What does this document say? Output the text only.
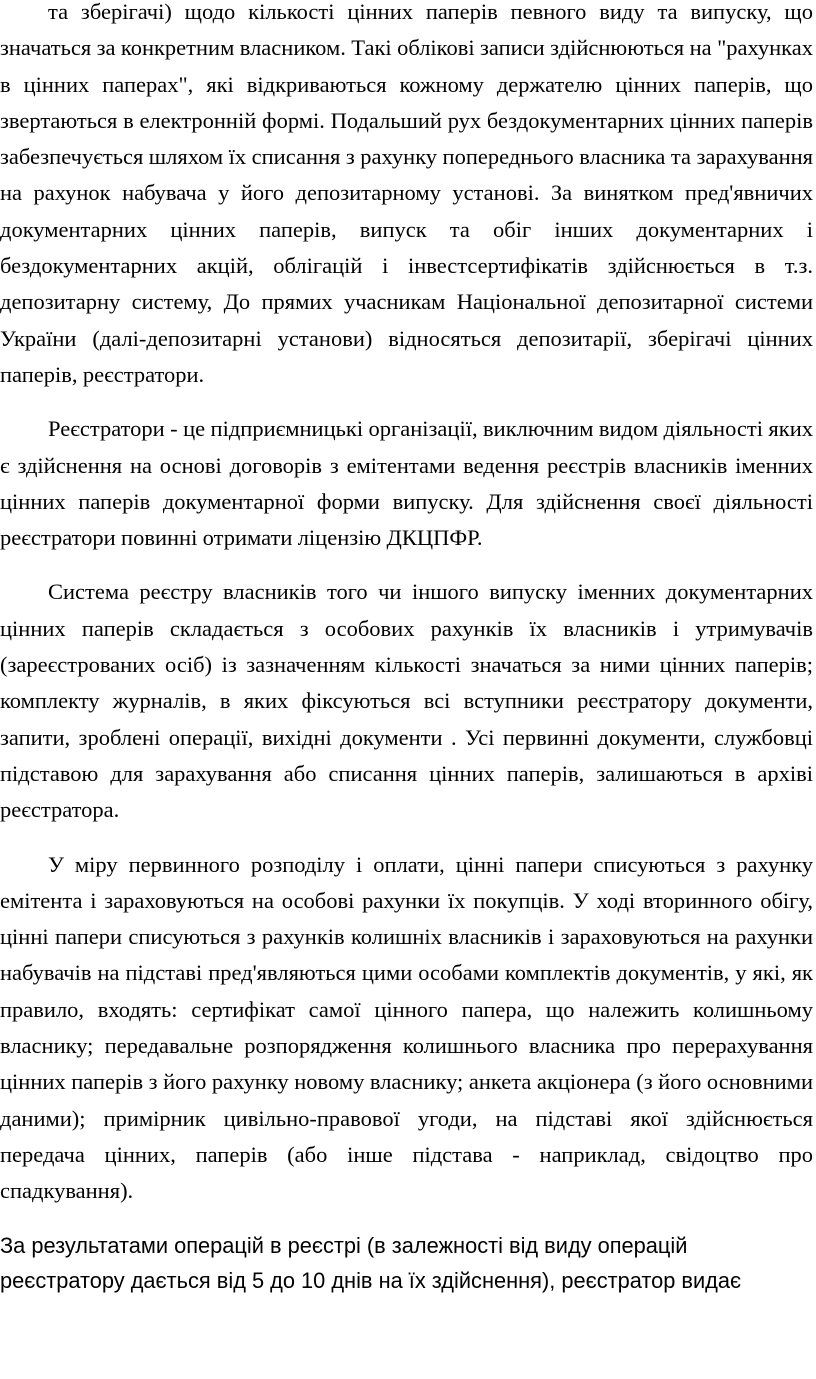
та зберігачі) щодо кількості цінних паперів певного виду та випуску, що значаться за конкретним власником. Такі облікові записи здійснюються на "рахунках в цінних паперах", які відкриваються кожному держателю цінних паперів, що звертаються в електронній формі. Подальший рух бездокументарних цінних паперів забезпечується шляхом їх списання з рахунку попереднього власника та зарахування на рахунок набувача у його депозитарному установі. За винятком пред'явничих документарних цінних паперів, випуск та обіг інших документарних і бездокументарних акцій, облігацій і інвестсертифікатів здійснюється в т.з. депозитарну систему, До прямих учасникам Національної депозитарної системи України (далі-депозитарні установи) відносяться депозитарії, зберігачі цінних паперів, реєстратори.

Реєстратори - це підприємницькі організації, виключним видом діяльності яких є здійснення на основі договорів з емітентами ведення реєстрів власників іменних цінних паперів документарної форми випуску. Для здійснення своєї діяльності реєстратори повинні отримати ліцензію ДКЦПФР.

Система реєстру власників того чи іншого випуску іменних документарних цінних паперів складається з особових рахунків їх власників і утримувачів (зареєстрованих осіб) із зазначенням кількості значаться за ними цінних паперів; комплекту журналів, в яких фіксуються всі вступники реєстратору документи, запити, зроблені операції, вихідні документи . Усі первинні документи, службовці підставою для зарахування або списання цінних паперів, залишаються в архіві реєстратора.

У міру первинного розподілу і оплати, цінні папери списуються з рахунку емітента і зараховуються на особові рахунки їх покупців. У ході вторинного обігу, цінні папери списуються з рахунків колишніх власників і зараховуються на рахунки набувачів на підставі пред'являються цими особами комплектів документів, у які, як правило, входять: сертифікат самої цінного папера, що належить колишньому власнику; передавальне розпорядження колишнього власника про перерахування цінних паперів з його рахунку новому власнику; анкета акціонера (з його основними даними); примірник цивільно-правової угоди, на підставі якої здійснюється передача цінних, паперів (або інше підстава - наприклад, свідоцтво про спадкування).

За результатами операцій в реєстрі (в залежності від виду операцій реєстратору дається від 5 до 10 днів на їх здійснення), реєстратор видає
